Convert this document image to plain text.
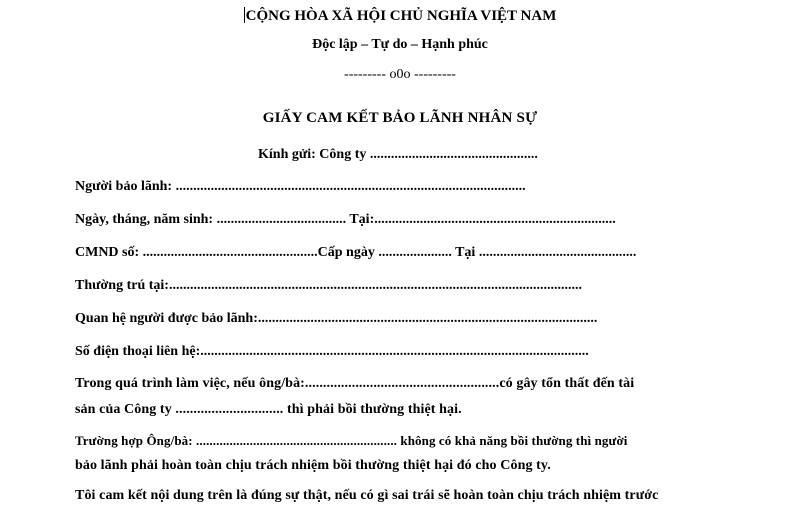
CỘNG HÒA XÃ HỘI CHỦ NGHĨA VIỆT NAM
Độc lập – Tự do – Hạnh phúc
--------- o0o ---------
GIẤY CAM KẾT BẢO LÃNH NHÂN SỰ
Kính gửi: Công ty ................................................
Người bảo lãnh: ....................................................................................................
Ngày, tháng, năm sinh: ..................................... Tại:.....................................................................
CMND số: ..................................................Cấp ngày ..................... Tại .............................................
Thường trú tại:......................................................................................................................
Quan hệ người được bảo lãnh:.................................................................................................
Số điện thoại liên hệ:...............................................................................................................
Trong quá trình làm việc, nếu ông/bà:......................................................có gây tổn thất đến tài
sản của Công ty .............................. thì phải bồi thường thiệt hại.
Trường hợp Ông/bà: ............................................................ không có khả năng bồi thường thì người
bảo lãnh phải hoàn toàn chịu trách nhiệm bồi thường thiệt hại đó cho Công ty.
Tôi cam kết nội dung trên là đúng sự thật, nếu có gì sai trái sẽ hoàn toàn chịu trách nhiệm trước
